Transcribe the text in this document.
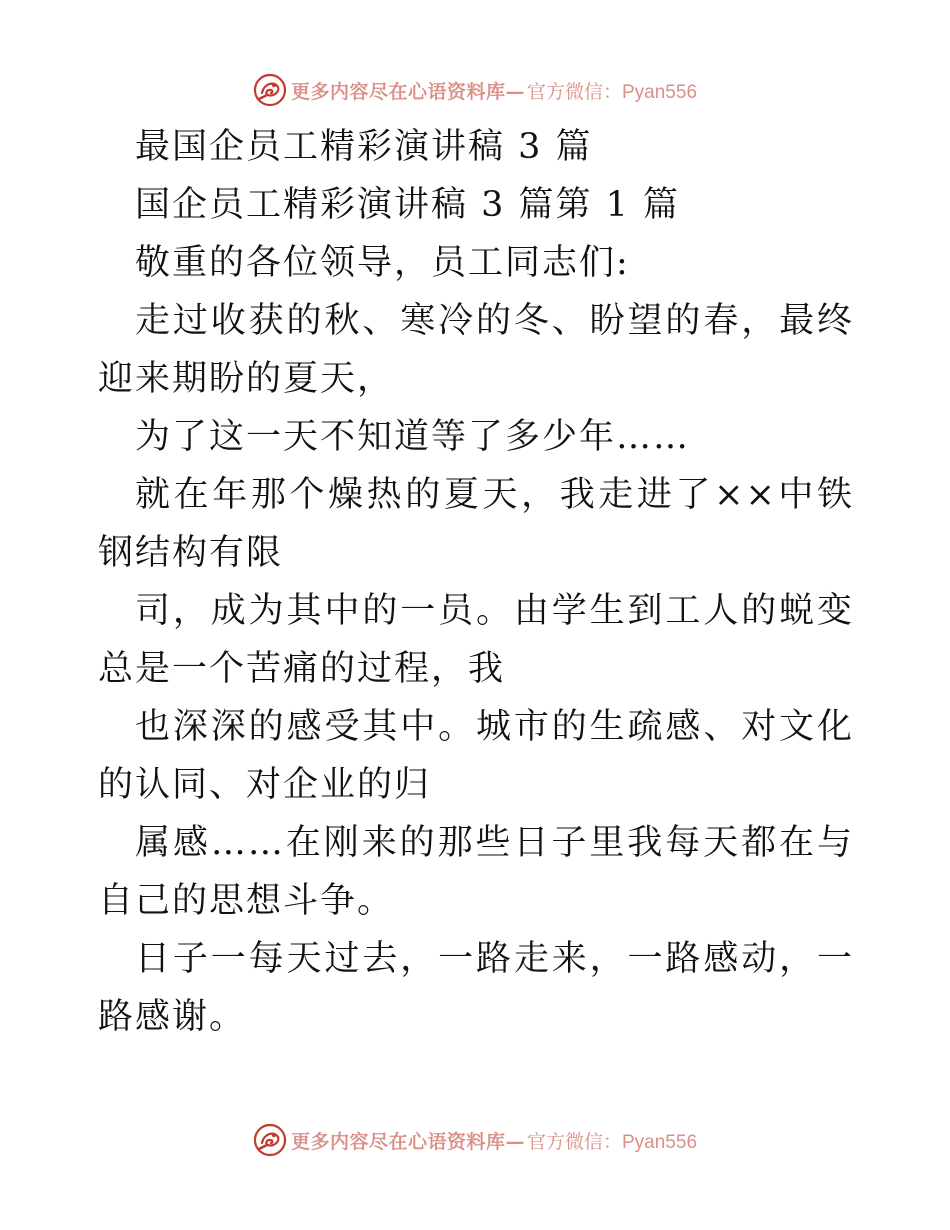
更多内容尽在心语资料库— 官方微信：Pyan556

最国企员工精彩演讲稿 3 篇

国企员工精彩演讲稿 3 篇第 1 篇

敬重的各位领导，员工同志们:

走过收获的秋、寒冷的冬、盼望的春，最终迎来期盼的夏天，

为了这一天不知道等了多少年……

就在年那个燥热的夏天，我走进了××中铁钢结构有限

司，成为其中的一员。由学生到工人的蜕变总是一个苦痛的过程，我

也深深的感受其中。城市的生疏感、对文化的认同、对企业的归

属感……在刚来的那些日子里我每天都在与自己的思想斗争。

日子一每天过去，一路走来，一路感动，一路感谢。

更多内容尽在心语资料库— 官方微信：Pyan556
